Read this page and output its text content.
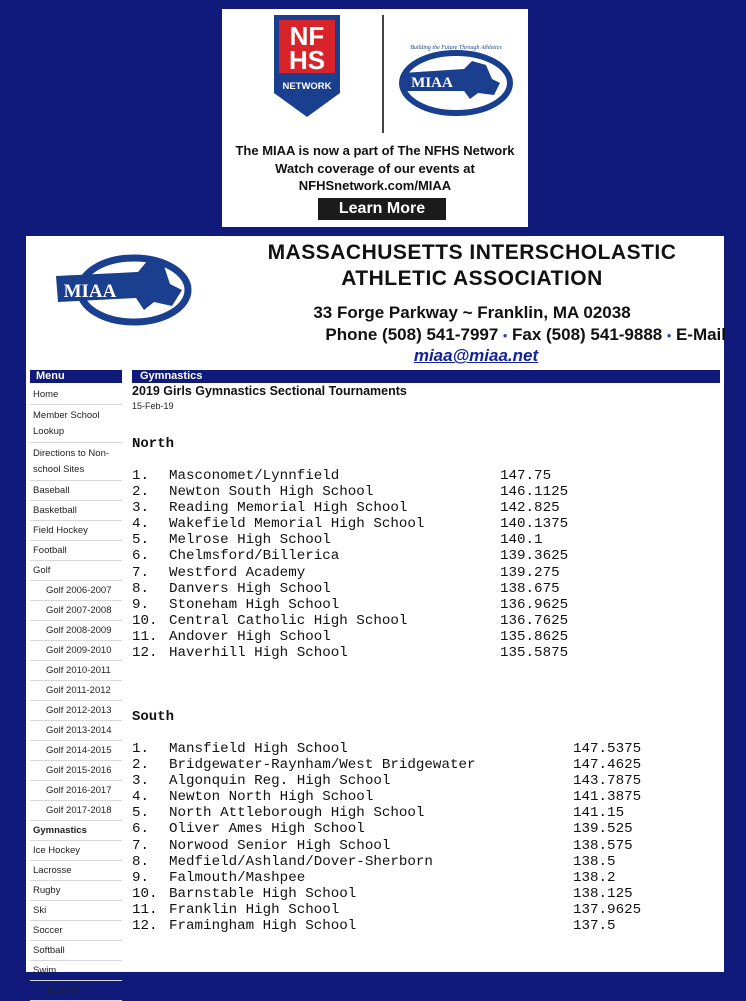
NF
HS
NETWORK	MIAA
Building the Future Through Athletics
The MIAA is now a part of The NFHS Network
Watch coverage of our events at
NFHSnetwork.com/MIAA
Learn More
MIAA
MASSACHUSETTS INTERSCHOLASTIC
ATHLETIC ASSOCIATION
33 Forge Parkway ~ Franklin, MA 02038
Phone (508) 541-7997 • Fax (508) 541-9888 • E-Mail
miaa@miaa.net
Menu
Home
Member School Lookup
Directions to Non-school Sites
Baseball
Basketball
Field Hockey
Football
Golf
Golf 2006-2007
Golf 2007-2008
Golf 2008-2009
Golf 2009-2010
Golf 2010-2011
Golf 2011-2012
Golf 2012-2013
Golf 2013-2014
Golf 2014-2015
Golf 2015-2016
Golf 2016-2017
Golf 2017-2018
Gymnastics
Ice Hockey
Lacrosse
Rugby
Ski
Soccer
Softball
Swim
2006-07
Gymnastics
2019 Girls Gymnastics Sectional Tournaments
15-Feb-19
North
1. Masconomet/Lynnfield	147.75
2. Newton South High School	146.1125
3. Reading Memorial High School	142.825
4. Wakefield Memorial High School	140.1375
5. Melrose High School	140.1
6. Chelmsford/Billerica	139.3625
7. Westford Academy	139.275
8. Danvers High School	138.675
9. Stoneham High School	136.9625
10. Central Catholic High School	136.7625
11. Andover High School	135.8625
12. Haverhill High School	135.5875
South
1. Mansfield High School	147.5375
2. Bridgewater-Raynham/West Bridgewater	147.4625
3. Algonquin Reg. High School	143.7875
4. Newton North High School	141.3875
5. North Attleborough High School	141.15
6. Oliver Ames High School	139.525
7. Norwood Senior High School	138.575
8. Medfield/Ashland/Dover-Sherborn	138.5
9. Falmouth/Mashpee	138.2
10. Barnstable High School	138.125
11. Franklin High School	137.9625
12. Framingham High School	137.5
